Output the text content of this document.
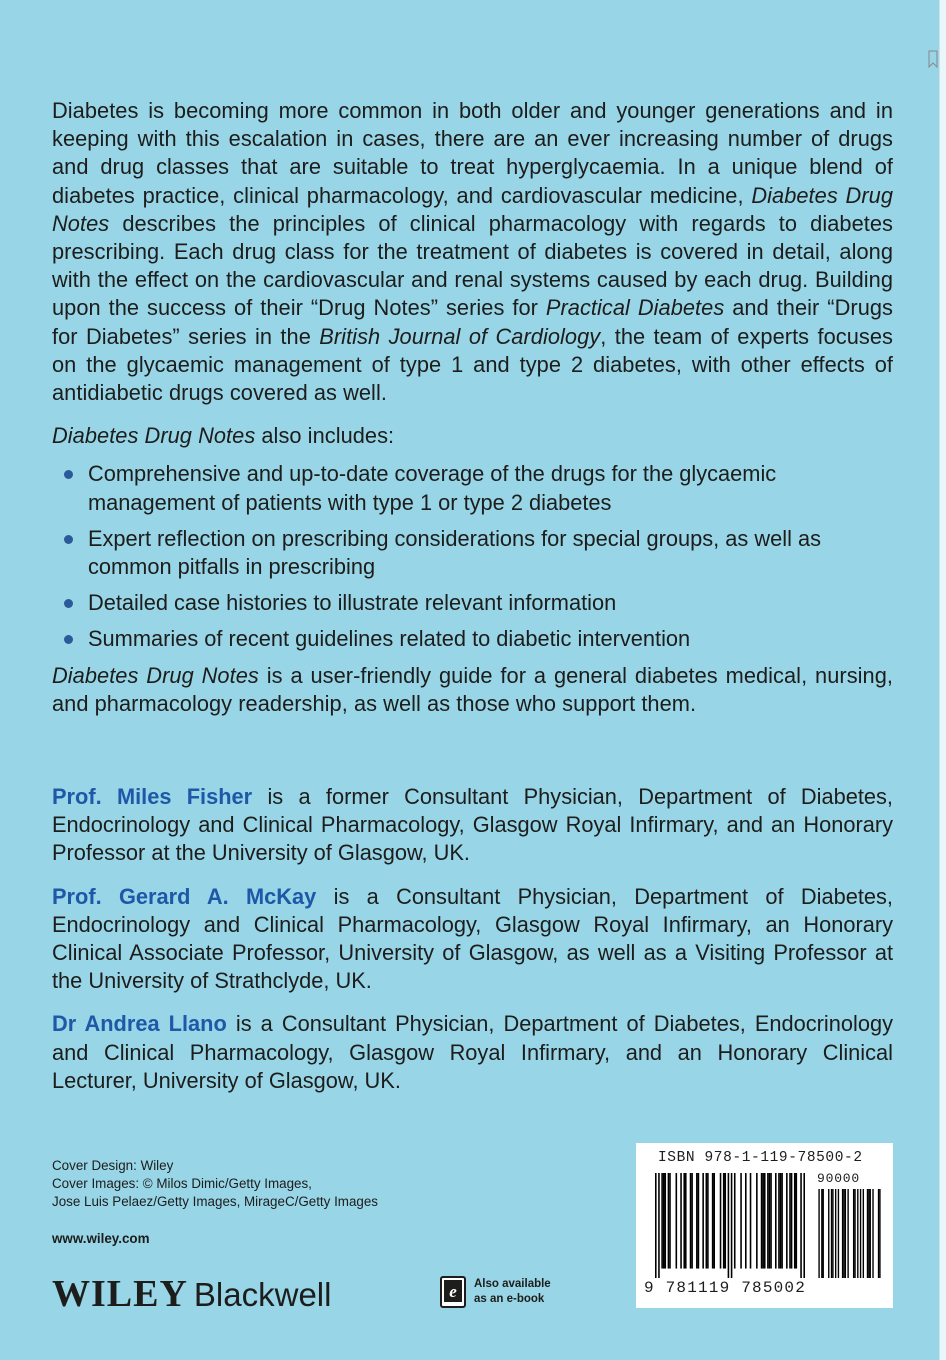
Diabetes is becoming more common in both older and younger generations and in keeping with this escalation in cases, there are an ever increasing number of drugs and drug classes that are suitable to treat hyperglycaemia. In a unique blend of diabetes practice, clinical pharmacology, and cardiovascular medicine, Diabetes Drug Notes describes the principles of clinical pharmacology with regards to diabetes prescribing. Each drug class for the treatment of diabetes is covered in detail, along with the effect on the cardiovascular and renal systems caused by each drug. Building upon the success of their “Drug Notes” series for Practical Diabetes and their “Drugs for Diabetes” series in the British Journal of Cardiology, the team of experts focuses on the glycaemic management of type 1 and type 2 diabetes, with other effects of antidiabetic drugs covered as well.

Diabetes Drug Notes also includes:

Comprehensive and up-to-date coverage of the drugs for the glycaemic management of patients with type 1 or type 2 diabetes
Expert reflection on prescribing considerations for special groups, as well as common pitfalls in prescribing
Detailed case histories to illustrate relevant information
Summaries of recent guidelines related to diabetic intervention

Diabetes Drug Notes is a user-friendly guide for a general diabetes medical, nursing, and pharmacology readership, as well as those who support them.

Prof. Miles Fisher is a former Consultant Physician, Department of Diabetes, Endocrinology and Clinical Pharmacology, Glasgow Royal Infirmary, and an Honorary Professor at the University of Glasgow, UK.

Prof. Gerard A. McKay is a Consultant Physician, Department of Diabetes, Endocrinology and Clinical Pharmacology, Glasgow Royal Infirmary, an Honorary Clinical Associate Professor, University of Glasgow, as well as a Visiting Professor at the University of Strathclyde, UK.

Dr Andrea Llano is a Consultant Physician, Department of Diabetes, Endocrinology and Clinical Pharmacology, Glasgow Royal Infirmary, and an Honorary Clinical Lecturer, University of Glasgow, UK.

Cover Design: Wiley
Cover Images: © Milos Dimic/Getty Images,
Jose Luis Pelaez/Getty Images, MirageC/Getty Images
www.wiley.com
WILEY Blackwell	e Also available
as an e-book
ISBN 978-1-119-78500-2
90000
9 781119 785002
